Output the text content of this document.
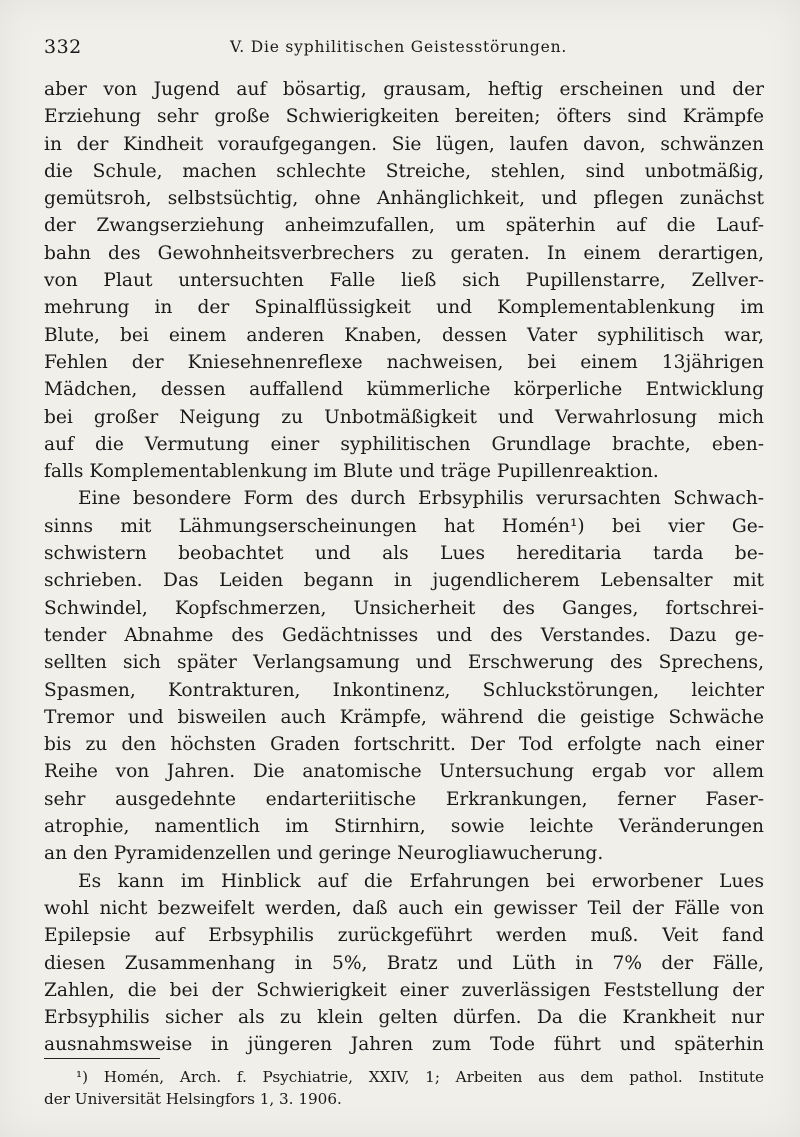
332	V. Die syphilitischen Geistesstörungen.
aber von Jugend auf bösartig, grausam, heftig erscheinen und der
Erziehung sehr große Schwierigkeiten bereiten; öfters sind Krämpfe
in der Kindheit voraufgegangen. Sie lügen, laufen davon, schwänzen
die Schule, machen schlechte Streiche, stehlen, sind unbotmäßig,
gemütsroh, selbstsüchtig, ohne Anhänglichkeit, und pflegen zunächst
der Zwangserziehung anheimzufallen, um späterhin auf die Lauf-
bahn des Gewohnheitsverbrechers zu geraten. In einem derartigen,
von Plaut untersuchten Falle ließ sich Pupillenstarre, Zellver-
mehrung in der Spinalflüssigkeit und Komplementablenkung im
Blute, bei einem anderen Knaben, dessen Vater syphilitisch war,
Fehlen der Kniesehnenreflexe nachweisen, bei einem 13jährigen
Mädchen, dessen auffallend kümmerliche körperliche Entwicklung
bei großer Neigung zu Unbotmäßigkeit und Verwahrlosung mich
auf die Vermutung einer syphilitischen Grundlage brachte, eben-
falls Komplementablenkung im Blute und träge Pupillenreaktion.
Eine besondere Form des durch Erbsyphilis verursachten Schwach-
sinns mit Lähmungserscheinungen hat Homén¹) bei vier Ge-
schwistern beobachtet und als Lues hereditaria tarda be-
schrieben. Das Leiden begann in jugendlicherem Lebensalter mit
Schwindel, Kopfschmerzen, Unsicherheit des Ganges, fortschrei-
tender Abnahme des Gedächtnisses und des Verstandes. Dazu ge-
sellten sich später Verlangsamung und Erschwerung des Sprechens,
Spasmen, Kontrakturen, Inkontinenz, Schluckstörungen, leichter
Tremor und bisweilen auch Krämpfe, während die geistige Schwäche
bis zu den höchsten Graden fortschritt. Der Tod erfolgte nach einer
Reihe von Jahren. Die anatomische Untersuchung ergab vor allem
sehr ausgedehnte endarteriitische Erkrankungen, ferner Faser-
atrophie, namentlich im Stirnhirn, sowie leichte Veränderungen
an den Pyramidenzellen und geringe Neurogliawucherung.
Es kann im Hinblick auf die Erfahrungen bei erworbener Lues
wohl nicht bezweifelt werden, daß auch ein gewisser Teil der Fälle von
Epilepsie auf Erbsyphilis zurückgeführt werden muß. Veit fand
diesen Zusammenhang in 5%, Bratz und Lüth in 7% der Fälle,
Zahlen, die bei der Schwierigkeit einer zuverlässigen Feststellung der
Erbsyphilis sicher als zu klein gelten dürfen. Da die Krankheit nur
ausnahmsweise in jüngeren Jahren zum Tode führt und späterhin
¹) Homén, Arch. f. Psychiatrie, XXIV, 1; Arbeiten aus dem pathol. Institute
der Universität Helsingfors 1, 3. 1906.
